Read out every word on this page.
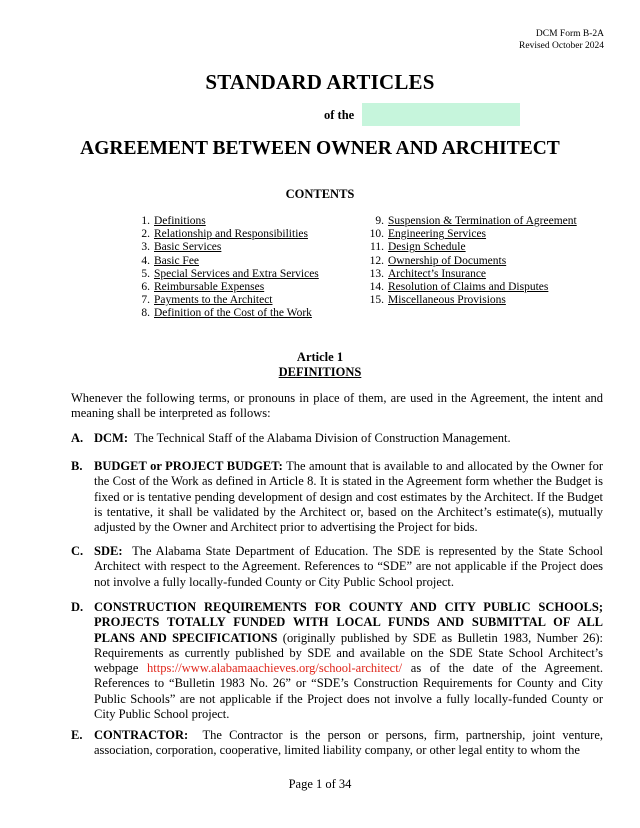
DCM Form B-2A
Revised October 2024
STANDARD ARTICLES
of the
AGREEMENT BETWEEN OWNER AND ARCHITECT
CONTENTS
1. Definitions
2. Relationship and Responsibilities
3. Basic Services
4. Basic Fee
5. Special Services and Extra Services
6. Reimbursable Expenses
7. Payments to the Architect
8. Definition of the Cost of the Work
9. Suspension & Termination of Agreement
10. Engineering Services
11. Design Schedule
12. Ownership of Documents
13. Architect’s Insurance
14. Resolution of Claims and Disputes
15. Miscellaneous Provisions
Article 1
DEFINITIONS
Whenever the following terms, or pronouns in place of them, are used in the Agreement, the intent and meaning shall be interpreted as follows:
A. DCM: The Technical Staff of the Alabama Division of Construction Management.
B. BUDGET or PROJECT BUDGET: The amount that is available to and allocated by the Owner for the Cost of the Work as defined in Article 8. It is stated in the Agreement form whether the Budget is fixed or is tentative pending development of design and cost estimates by the Architect. If the Budget is tentative, it shall be validated by the Architect or, based on the Architect’s estimate(s), mutually adjusted by the Owner and Architect prior to advertising the Project for bids.
C. SDE: The Alabama State Department of Education. The SDE is represented by the State School Architect with respect to the Agreement. References to “SDE” are not applicable if the Project does not involve a fully locally-funded County or City Public School project.
D. CONSTRUCTION REQUIREMENTS FOR COUNTY AND CITY PUBLIC SCHOOLS; PROJECTS TOTALLY FUNDED WITH LOCAL FUNDS AND SUBMITTAL OF ALL PLANS AND SPECIFICATIONS (originally published by SDE as Bulletin 1983, Number 26): Requirements as currently published by SDE and available on the SDE State School Architect’s webpage https://www.alabamaachieves.org/school-architect/ as of the date of the Agreement. References to “Bulletin 1983 No. 26” or “SDE’s Construction Requirements for County and City Public Schools” are not applicable if the Project does not involve a fully locally-funded County or City Public School project.
E. CONTRACTOR: The Contractor is the person or persons, firm, partnership, joint venture, association, corporation, cooperative, limited liability company, or other legal entity to whom the
Page 1 of 34
